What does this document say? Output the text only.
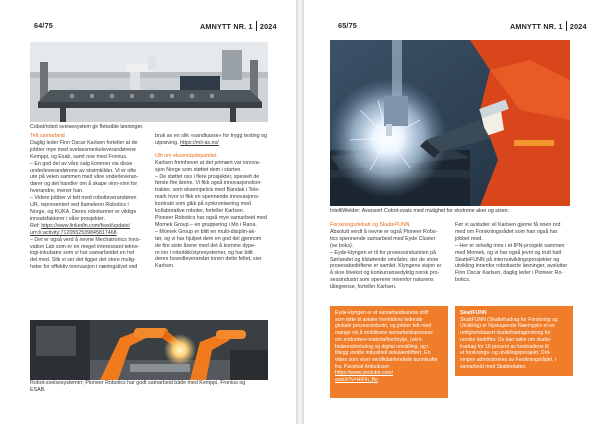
64/75	AMNYTT NR. 1 2024
Cobot/robot sveisesystem gir fleksible løsninger.

Tett samarbeid

Daglig leder Finn Oscar Karlsen forteller at de
jobber mye med sveisesmerkeleverandørene
Kemppi, og Esab, samt noe med Fronius.
– En god del av våre salg kommer via disse
underleverandørene av strømkilder. Vi er ofte
ute på veien sammen med våre underleveran-
dører og det handler om å skape vinn-vinn for
hverandre, mener han.
– Videre jobber vi tett med robotleverandøren
UR, representert ved Itameleon Robotics i
Norge, og KUKA. Deres robotarmer er viktige
innsatsfaktorer i våre prosjekter.
Ref: https://www.linkedin.com/feed/update/
urn:li:activity:7120552539845817468
– Det er også verd å nevne Mechatronics Inno-
vation Lab som er en meget interessant tekno-
logi-inkubator som vi har samarbeidet en hel
del med. Slik vi ser det ligger det store mulig-
heter for effektiv innovasjon i næringslivet ved

bruk av en slik «sandkasse» for trygg testing og
utprøving. https://mil-as.no/

Ulti om eksemdpdepatetet

Karlsen fremhever at det primært var innova-
sjon Norge som støttet dem i starten.
– De støttet oss i flere prosjekter, spesielt de
første fire årene. Vi fikk også innovasjonskon-
trakter, som eksempelvis med Bandak i Tele-
mark hvor vi fikk en spennende innovasjons-
kontrakt som gikk på synkronisering med
kollaborative roboter, forteller Karlsen.
Pioneer Robotics har også mye samarbeid med
Momek Group – en gruppering i Mo i Rana.
– Momek Group er blitt en multi-disiplin-ak-
tør, og vi har hjulpet dem en god del gjennom
de fire siste årene med det å komme dype-
re inn i robotikk/styresystemer, og har blitt
deres hovedleverandør innen dette feltet, sier
Karlsen.

Robot-sveisesystemer; Pioneer Robotics har godt samarbeid både med Kemppi, Fronius og
ESAB.
65/75	AMNYTT NR. 1 2024
IntelliWelder: Avansert Cobot-svais med mulighet for ekstrene aker og sisen.

Forskningsdebatt og SkattePUNN

Absolutt verdt å nevne er også Pioneer Robo-
tics spennende samarbeid med Eyde Cluster
(se boks).
– Eyde-klyngen er til for prosessindustrien på
Sørlandet og tilstøtende områder, der de store
prosessbedriftene er samlet. Klyngens visjon er
å skre tilvekst og konkurransedyktig norsk pro-
sessindustri som opererer innenfor naturens
tålegrense, forteller Karlsen.

Før vi avslutter vil Karlsen gjerne få noen ord
med om Forskningsrådet som han også har
jobbet med.
– Her er virkelig inne i et IPN-prosjekt sammen
med Momek, og vi har også jevnt og trutt hatt
SkatteFUNN på internutviklingsprosjekter og
utvikling innenfor robotiserte løsninger, avslutter
Finn Oscar Karlsen, daglig leder i Pioneer Ro-
botics.

Eyde-klyngen er et samarbeidsarena drift
som tette til avtaler fremtidens ledende
globale prosessindustri, og jobber tett med
mange vis å mobilisere samarbeidsprosess
om endurdere-materialfverbrylje, (ekm-
beløresdveturing og digital omstilling, og i
tillegg utvikle industriell sirkulærdrifter). En
video som viser verdikdatriendede kunnkrafte
fra: Pacelsat Anbuduser:
https://www.youtube.com/
watch?v=HiFIn_Bo
SkattFUNN
SkattFUNN (Skattefradrag for Forskning og
Utvikling) er Nyskapende Næringsliv et en
rettighetsbasert skattefradragordning for
norske bedrifter. Du kan søke om skatte-
fradrag for 19 prosent av kostnadene til
et forsknings- og utviklingsprosjekt. Ord-
ningen administreres av Forskningsrådet, i
samarbeid med Skatteetaten.
